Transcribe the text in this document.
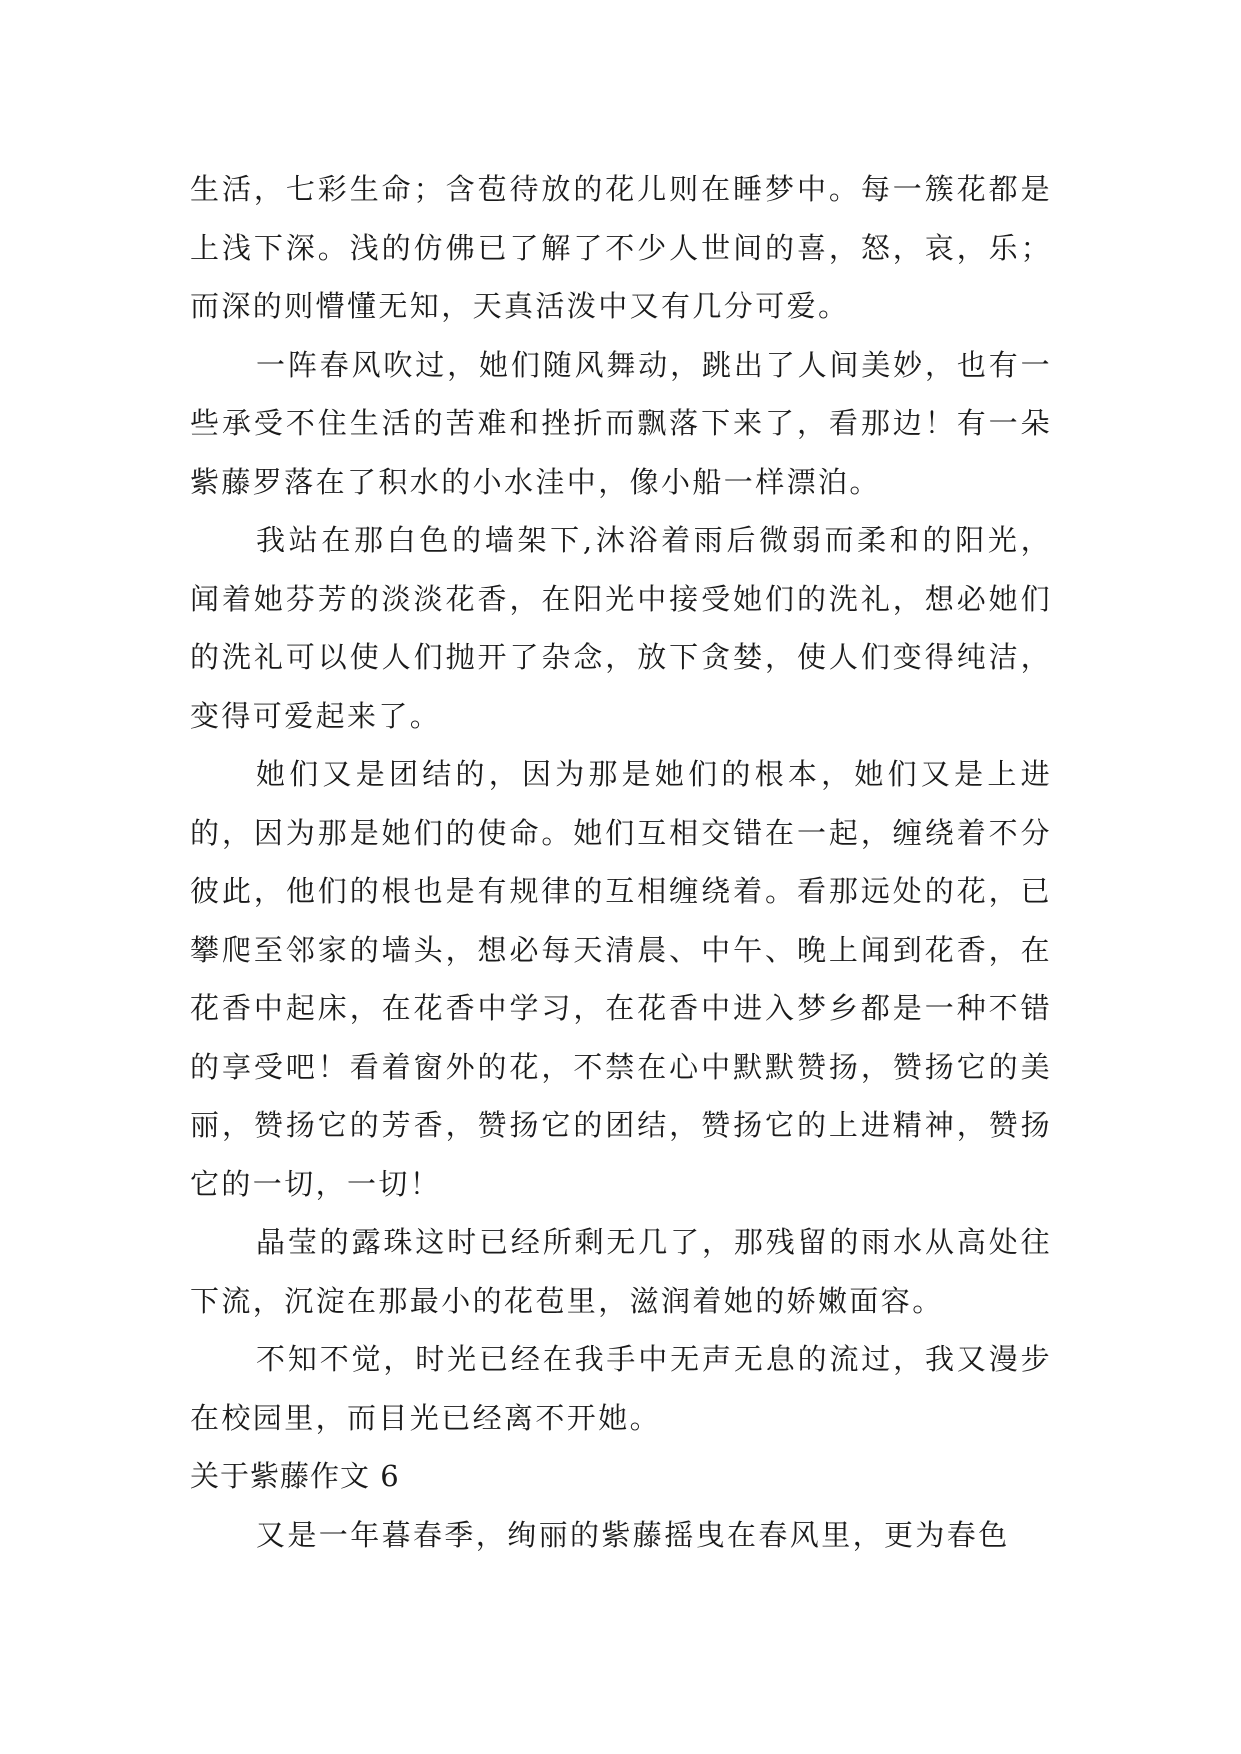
生活，七彩生命；含苞待放的花儿则在睡梦中。每一簇花都是上浅下深。浅的仿佛已了解了不少人世间的喜，怒，哀，乐；而深的则懵懂无知，天真活泼中又有几分可爱。

一阵春风吹过，她们随风舞动，跳出了人间美妙，也有一些承受不住生活的苦难和挫折而飘落下来了，看那边！有一朵紫藤罗落在了积水的小水洼中，像小船一样漂泊。

我站在那白色的墙架下,沐浴着雨后微弱而柔和的阳光，闻着她芬芳的淡淡花香，在阳光中接受她们的洗礼，想必她们的洗礼可以使人们抛开了杂念，放下贪婪，使人们变得纯洁，变得可爱起来了。

她们又是团结的，因为那是她们的根本，她们又是上进的，因为那是她们的使命。她们互相交错在一起，缠绕着不分彼此，他们的根也是有规律的互相缠绕着。看那远处的花，已攀爬至邻家的墙头，想必每天清晨、中午、晚上闻到花香，在花香中起床，在花香中学习，在花香中进入梦乡都是一种不错的享受吧！看着窗外的花，不禁在心中默默赞扬，赞扬它的美丽，赞扬它的芳香，赞扬它的团结，赞扬它的上进精神，赞扬它的一切，一切！

晶莹的露珠这时已经所剩无几了，那残留的雨水从高处往下流，沉淀在那最小的花苞里，滋润着她的娇嫩面容。

不知不觉，时光已经在我手中无声无息的流过，我又漫步在校园里，而目光已经离不开她。

关于紫藤作文 6

又是一年暮春季，绚丽的紫藤摇曳在春风里，更为春色
